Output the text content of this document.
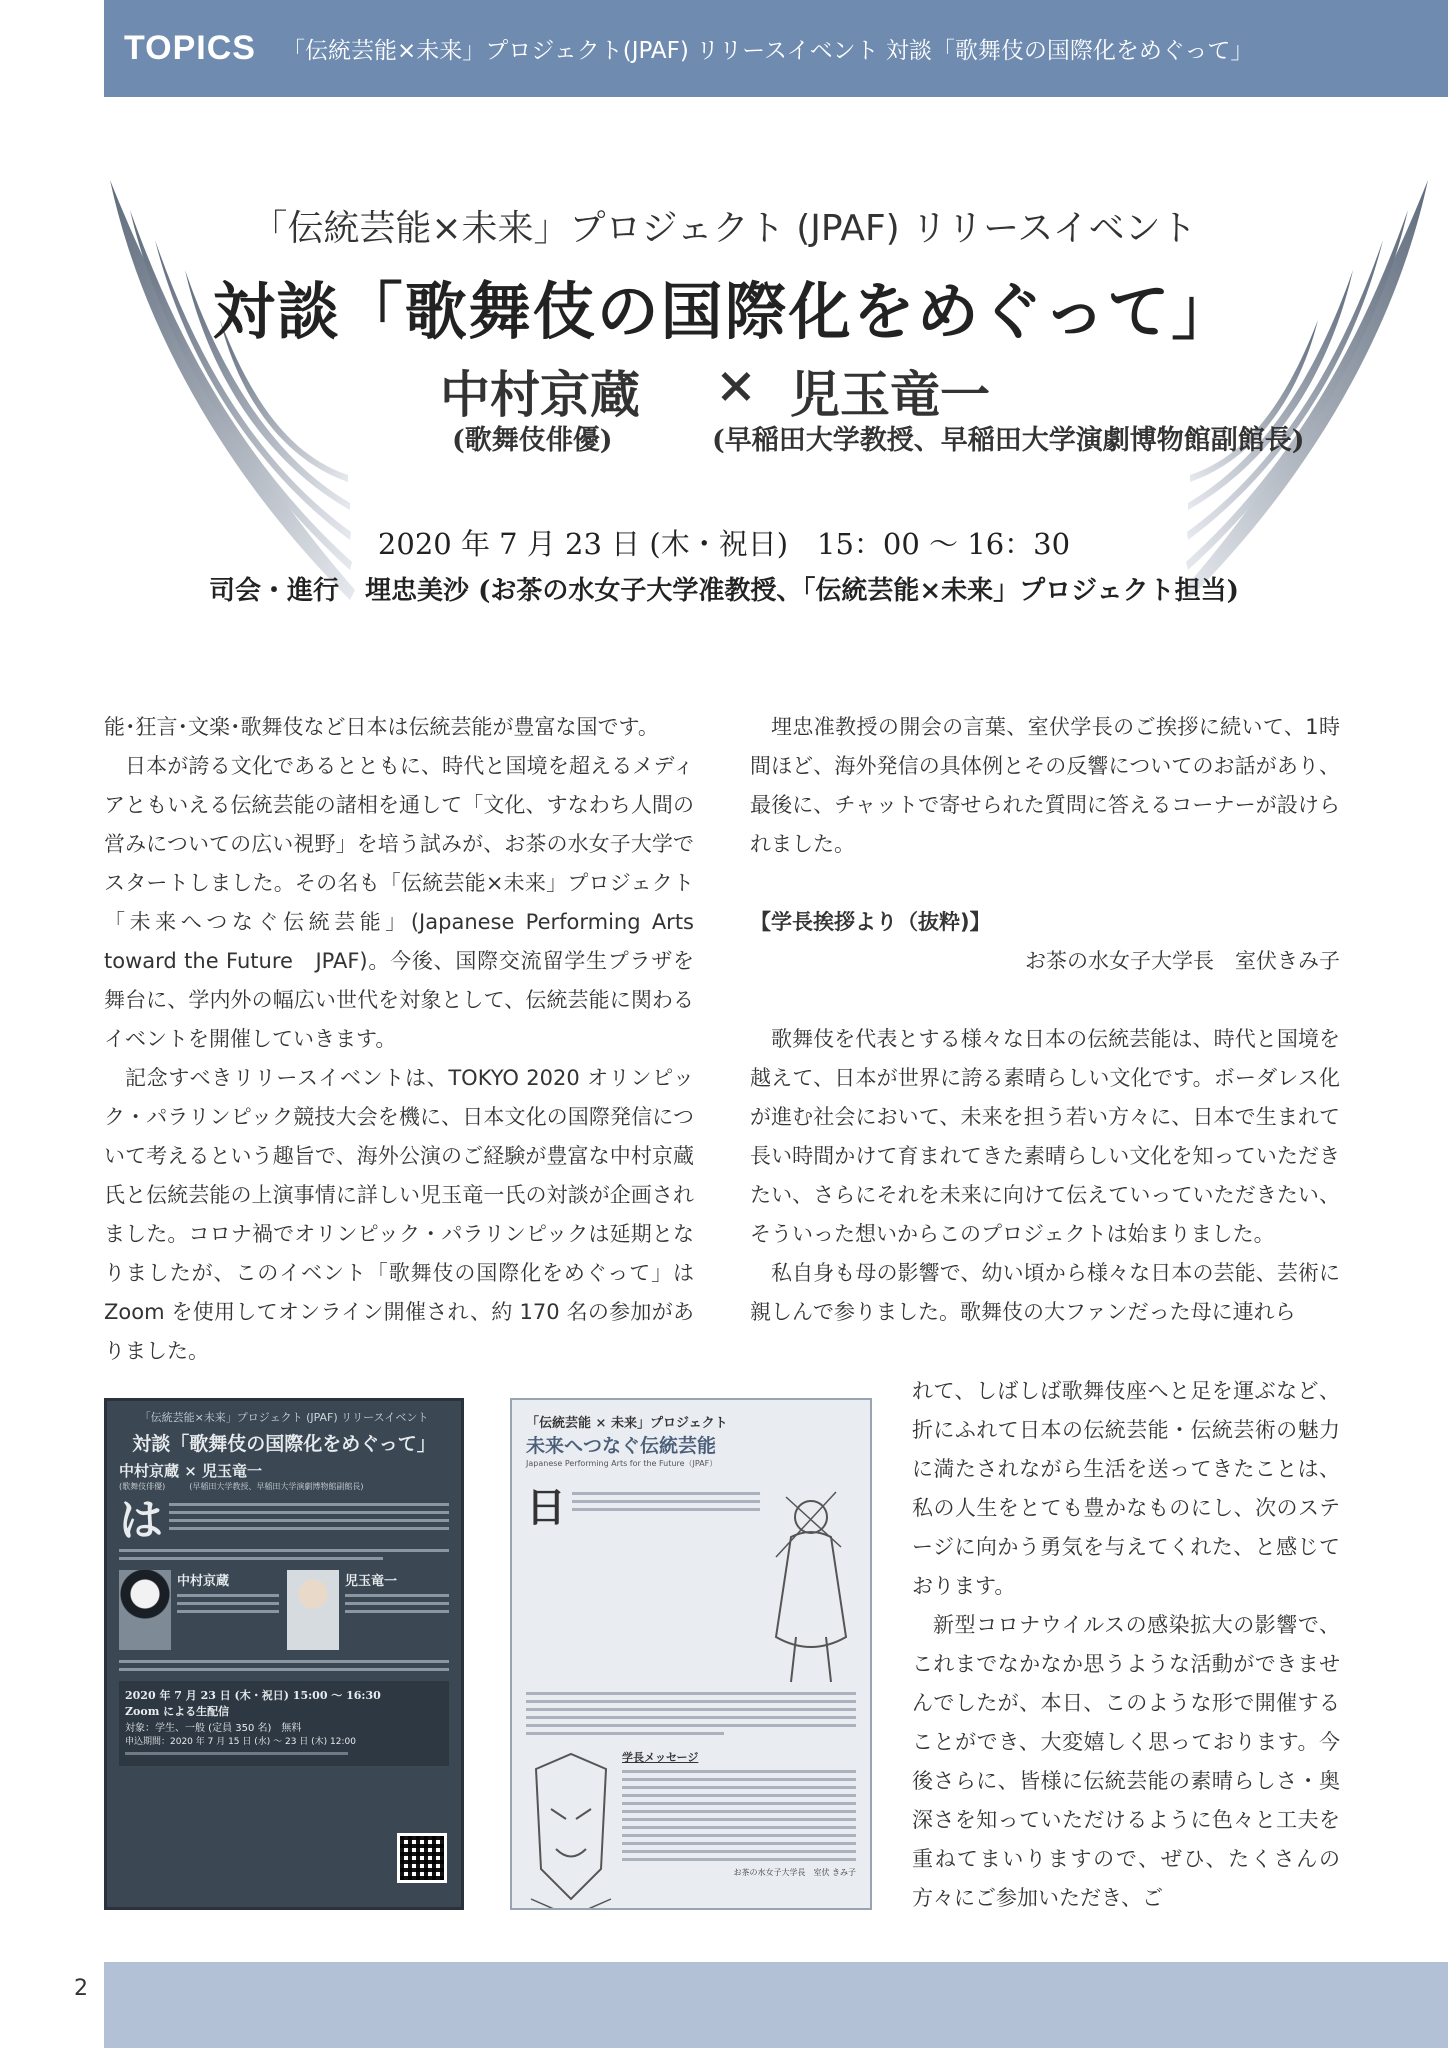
TOPICS 「伝統芸能×未来」プロジェクト(JPAF) リリースイベント 対談「歌舞伎の国際化をめぐって」
「伝統芸能×未来」プロジェクト (JPAF) リリースイベント
対談「歌舞伎の国際化をめぐって」
中村京蔵 × 児玉竜一
(歌舞伎俳優)	(早稲田大学教授、早稲田大学演劇博物館副館長)
2020 年 7 月 23 日 (木・祝日)　15：00 ～ 16：30
司会・進行　埋忠美沙 (お茶の水女子大学准教授、「伝統芸能×未来」プロジェクト担当)

能･狂言･文楽･歌舞伎など日本は伝統芸能が豊富な国です。

日本が誇る文化であるとともに、時代と国境を超えるメディアともいえる伝統芸能の諸相を通して「文化、すなわち人間の営みについての広い視野」を培う試みが、お茶の水女子大学でスタートしました。その名も「伝統芸能×未来」プロジェクト「未来へつなぐ伝統芸能」(Japanese Performing Arts toward the Future　JPAF)。今後、国際交流留学生プラザを舞台に、学内外の幅広い世代を対象として、伝統芸能に関わるイベントを開催していきます。

記念すべきリリースイベントは、TOKYO 2020 オリンピック・パラリンピック競技大会を機に、日本文化の国際発信について考えるという趣旨で、海外公演のご経験が豊富な中村京蔵氏と伝統芸能の上演事情に詳しい児玉竜一氏の対談が企画されました。コロナ禍でオリンピック・パラリンピックは延期となりましたが、このイベント「歌舞伎の国際化をめぐって」は Zoom を使用してオンライン開催され、約 170 名の参加がありました。

埋忠准教授の開会の言葉、室伏学長のご挨拶に続いて、1時間ほど、海外発信の具体例とその反響についてのお話があり、最後に、チャットで寄せられた質問に答えるコーナーが設けられました。

【学長挨拶より（抜粋)】

お茶の水女子大学長　室伏きみ子

歌舞伎を代表とする様々な日本の伝統芸能は、時代と国境を越えて、日本が世界に誇る素晴らしい文化です。ボーダレス化が進む社会において、未来を担う若い方々に、日本で生まれて長い時間かけて育まれてきた素晴らしい文化を知っていただきたい、さらにそれを未来に向けて伝えていっていただきたい、そういった想いからこのプロジェクトは始まりました。

私自身も母の影響で、幼い頃から様々な日本の芸能、芸術に親しんで参りました。歌舞伎の大ファンだった母に連れら

れて、しばしば歌舞伎座へと足を運ぶなど、折にふれて日本の伝統芸能・伝統芸術の魅力に満たされながら生活を送ってきたことは、私の人生をとても豊かなものにし、次のステージに向かう勇気を与えてくれた、と感じております。

新型コロナウイルスの感染拡大の影響で、これまでなかなか思うような活動ができませんでしたが、本日、このような形で開催することができ、大変嬉しく思っております。今後さらに、皆様に伝統芸能の素晴らしさ・奥深さを知っていただけるように色々と工夫を重ねてまいりますので、ぜひ、たくさんの方々にご参加いただき、ご

「伝統芸能×未来」プロジェクト (JPAF) リリースイベント
対談「歌舞伎の国際化をめぐって」
中村京蔵 × 児玉竜一
(歌舞伎俳優)　　　(早稲田大学教授、早稲田大学演劇博物館副館長)
は
中村京蔵	児玉竜一
2020 年 7 月 23 日 (木・祝日) 15:00 ～ 16:30
Zoom による生配信
対象：学生、一般 (定員 350 名)　無料
申込期間：2020 年 7 月 15 日 (水) ～ 23 日 (木) 12:00
「伝統芸能 × 未来」プロジェクト
未来へつなぐ伝統芸能
Japanese Performing Arts for the Future（JPAF）
日
学長メッセージ
お茶の水女子大学長　室伏 きみ子
2
